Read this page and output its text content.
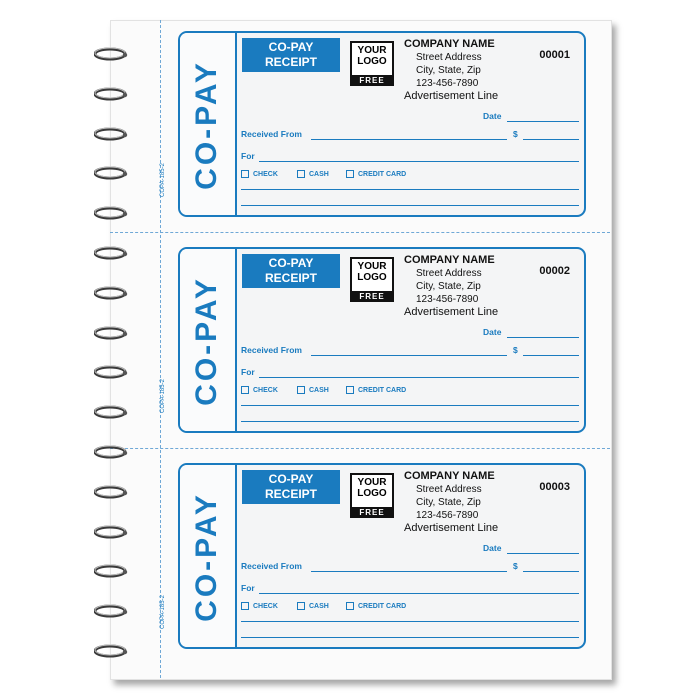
CO-PAY
COPA-185-2
CO-PAY
RECEIPT
YOUR
LOGO
FREE
COMPANY NAME
Street Address
City, State, Zip
123-456-7890
Advertisement Line
00001
Date
Received From	$
For
CHECK	CASH	CREDIT CARD
CO-PAY
COPA-185-2
CO-PAY
RECEIPT
YOUR
LOGO
FREE
COMPANY NAME
Street Address
City, State, Zip
123-456-7890
Advertisement Line
00002
Date
Received From	$
For
CHECK	CASH	CREDIT CARD
CO-PAY
COPA-185-2
CO-PAY
RECEIPT
YOUR
LOGO
FREE
COMPANY NAME
Street Address
City, State, Zip
123-456-7890
Advertisement Line
00003
Date
Received From	$
For
CHECK	CASH	CREDIT CARD
